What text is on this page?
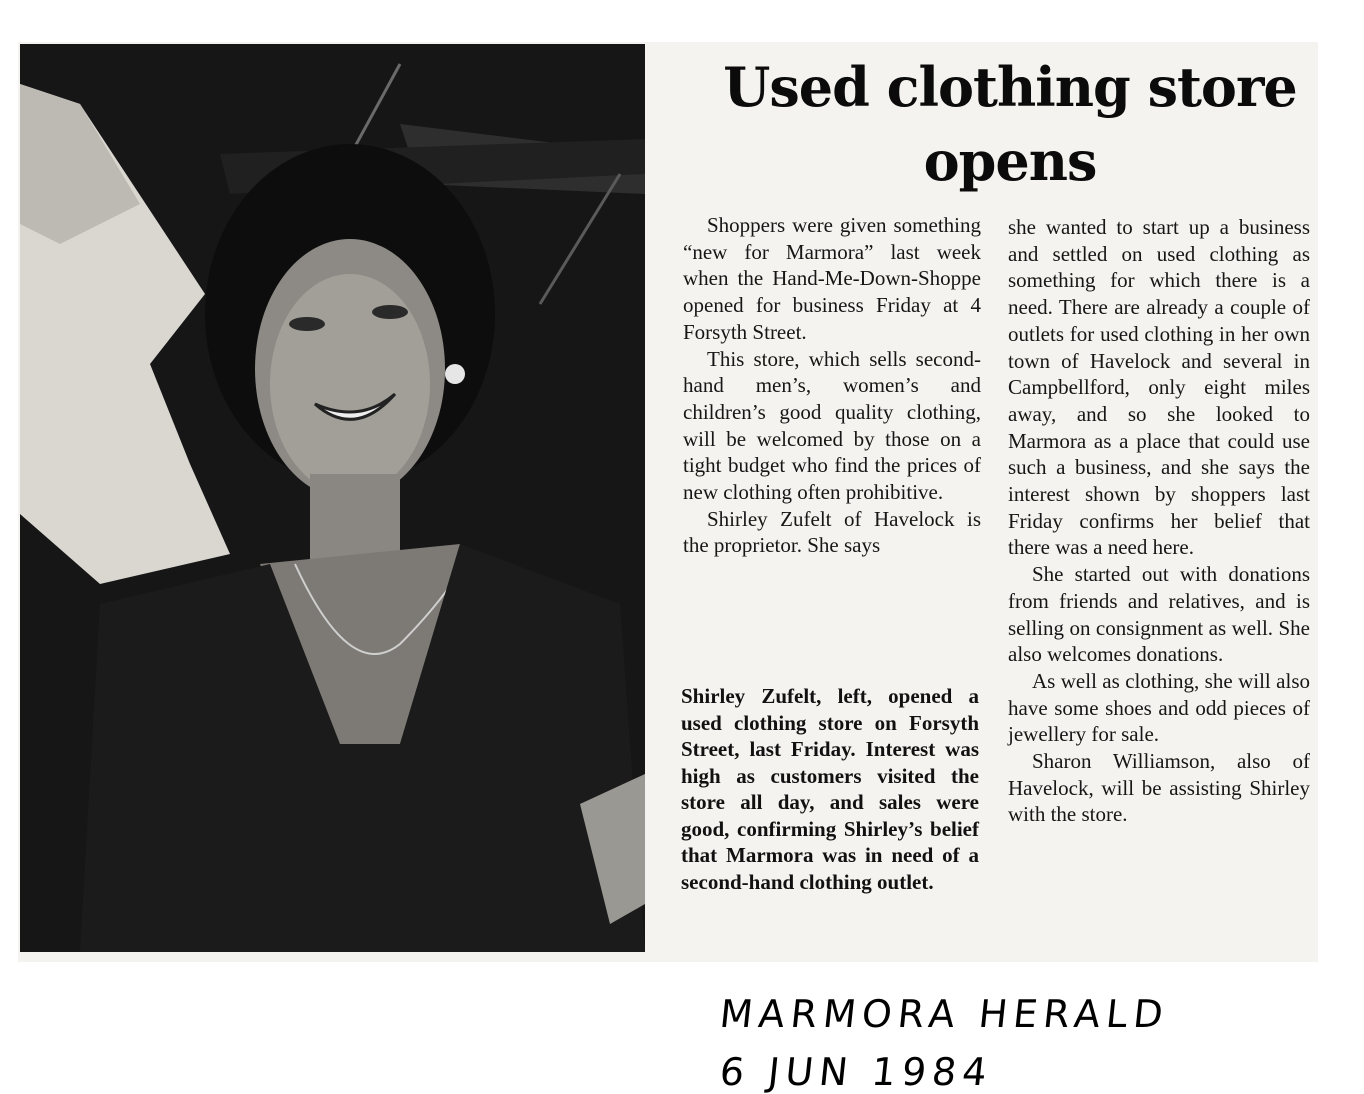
Used clothing store opens

Shoppers were given something “new for Marmora” last week when the Hand-Me-Down-Shoppe opened for business Friday at 4 Forsyth Street.

This store, which sells second-hand men’s, women’s and children’s good quality clothing, will be welcomed by those on a tight budget who find the prices of new clothing often prohibitive.

Shirley Zufelt of Havelock is the proprietor. She says

Shirley Zufelt, left, opened a used clothing store on Forsyth Street, last Friday. Interest was high as customers visited the store all day, and sales were good, confirming Shirley’s belief that Marmora was in need of a second-hand clothing outlet.

she wanted to start up a business and settled on used clothing as something for which there is a need. There are already a couple of outlets for used clothing in her own town of Havelock and several in Campbellford, only eight miles away, and so she looked to Marmora as a place that could use such a business, and she says the interest shown by shoppers last Friday confirms her belief that there was a need here.

She started out with donations from friends and relatives, and is selling on consignment as well. She also welcomes donations.

As well as clothing, she will also have some shoes and odd pieces of jewellery for sale.

Sharon Williamson, also of Havelock, will be assisting Shirley with the store.

MARMORA HERALD
6 JUN 1984
